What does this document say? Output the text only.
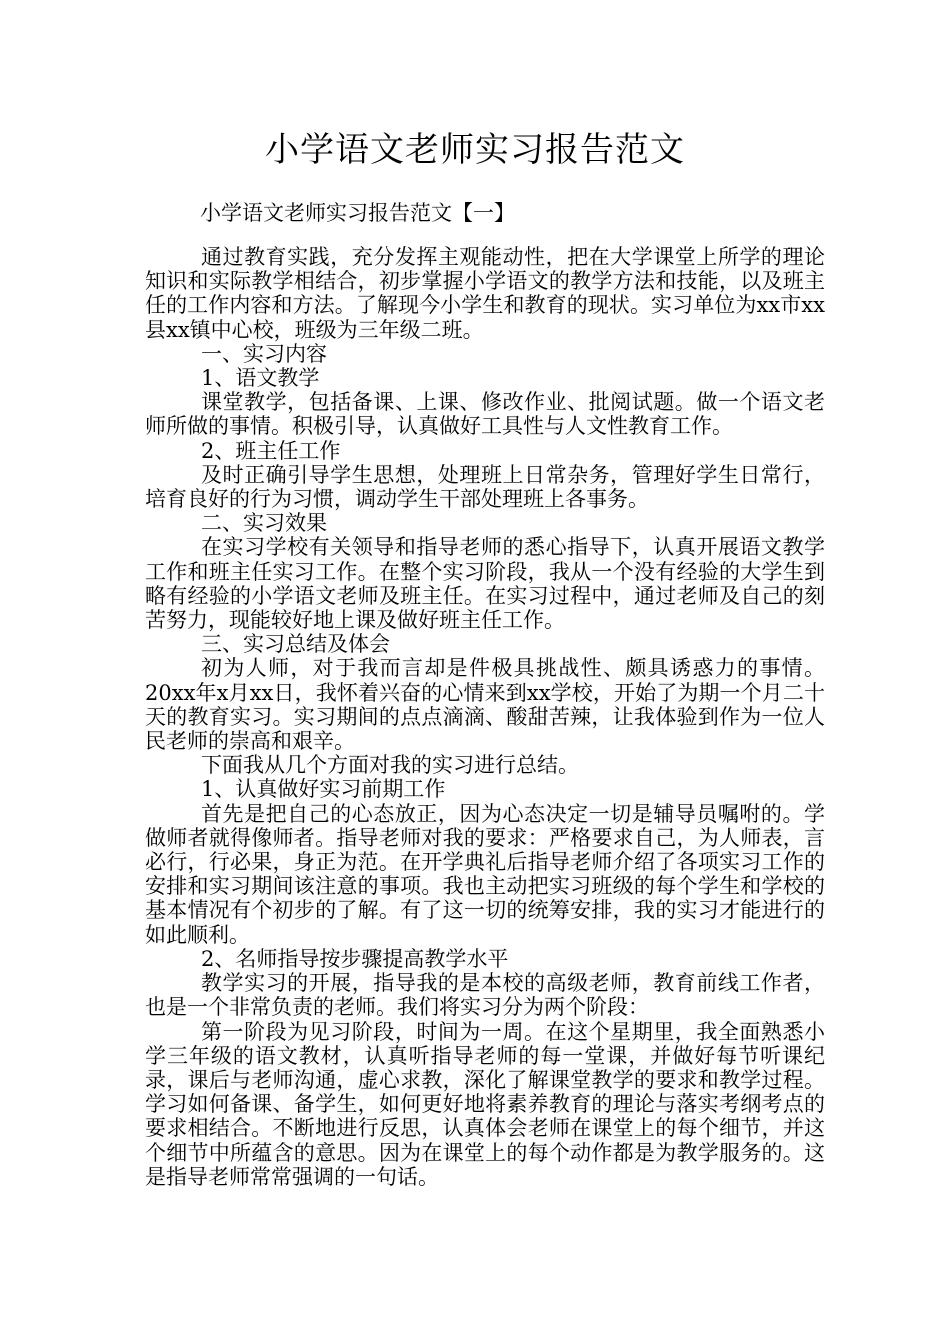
小学语文老师实习报告范文
小学语文老师实习报告范文【一】

通过教育实践，充分发挥主观能动性，把在大学课堂上所学的理论知识和实际教学相结合，初步掌握小学语文的教学方法和技能，以及班主任的工作内容和方法。了解现今小学生和教育的现状。实习单位为xx市xx县xx镇中心校，班级为三年级二班。

一、实习内容

1、语文教学

课堂教学，包括备课、上课、修改作业、批阅试题。做一个语文老师所做的事情。积极引导，认真做好工具性与人文性教育工作。

2、班主任工作

及时正确引导学生思想，处理班上日常杂务，管理好学生日常行，培育良好的行为习惯，调动学生干部处理班上各事务。

二、实习效果

在实习学校有关领导和指导老师的悉心指导下，认真开展语文教学工作和班主任实习工作。在整个实习阶段，我从一个没有经验的大学生到略有经验的小学语文老师及班主任。在实习过程中，通过老师及自己的刻苦努力，现能较好地上课及做好班主任工作。

三、实习总结及体会

初为人师，对于我而言却是件极具挑战性、颇具诱惑力的事情。20xx年x月xx日，我怀着兴奋的心情来到xx学校，开始了为期一个月二十天的教育实习。实习期间的点点滴滴、酸甜苦辣，让我体验到作为一位人民老师的崇高和艰辛。

下面我从几个方面对我的实习进行总结。

1、认真做好实习前期工作

首先是把自己的心态放正，因为心态决定一切是辅导员嘱咐的。学做师者就得像师者。指导老师对我的要求：严格要求自己，为人师表，言必行，行必果，身正为范。在开学典礼后指导老师介绍了各项实习工作的安排和实习期间该注意的事项。我也主动把实习班级的每个学生和学校的基本情况有个初步的了解。有了这一切的统筹安排，我的实习才能进行的如此顺利。

2、名师指导按步骤提高教学水平

教学实习的开展，指导我的是本校的高级老师，教育前线工作者，也是一个非常负责的老师。我们将实习分为两个阶段：

第一阶段为见习阶段，时间为一周。在这个星期里，我全面熟悉小学三年级的语文教材，认真听指导老师的每一堂课，并做好每节听课纪录，课后与老师沟通，虚心求教，深化了解课堂教学的要求和教学过程。学习如何备课、备学生，如何更好地将素养教育的理论与落实考纲考点的要求相结合。不断地进行反思，认真体会老师在课堂上的每个细节，并这个细节中所蕴含的意思。因为在课堂上的每个动作都是为教学服务的。这是指导老师常常强调的一句话。
